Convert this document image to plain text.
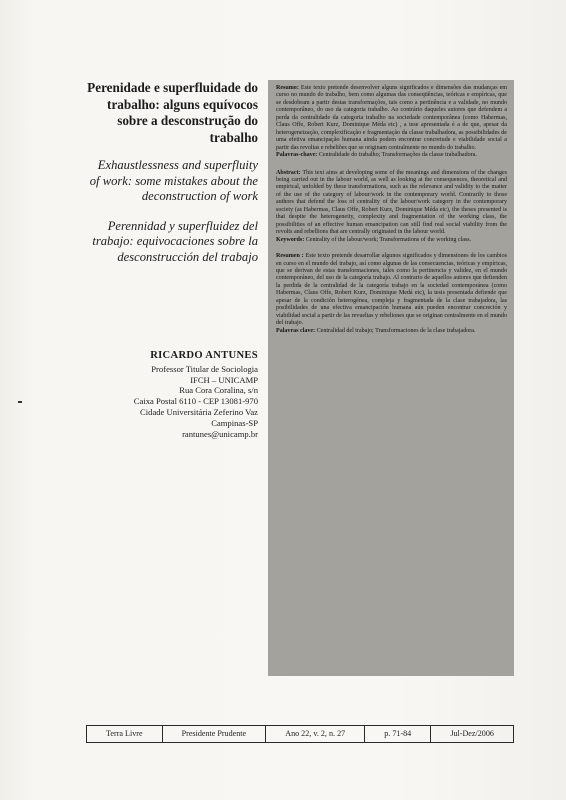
Perenidade e superfluidade do trabalho: alguns equívocos sobre a desconstrução do trabalho

Exhaustlessness and superfluity of work: some mistakes about the deconstruction of work

Perennidad y superfluidez del trabajo: equivocaciones sobre la desconstrucción del trabajo

RICARDO ANTUNES
Professor Titular de Sociologia
IFCH – UNICAMP
Rua Cora Coralina, s/n
Caixa Postal 6110 - CEP 13081-970
Cidade Universitária Zeferino Vaz
Campinas-SP
rantunes@unicamp.br

Resumo: Este texto pretende desenvolver alguns significados e dimensões das mudanças em curso no mundo do trabalho, bem como algumas das conseqüências, teóricas e empíricas, que se desdobram a partir destas transformações, tais como a pertinência e a validade, no mundo contemporâneo, do uso da categoria trabalho. Ao contrário daqueles autores que defendem a perda da centralidade da categoria trabalho na sociedade contemporânea (como Habermas, Claus Offe, Robert Kurz, Dominique Méda etc) , a tese apresentada é a de que, apesar da heterogeneização, complexificação e fragmentação da classe trabalhadora, as possibilidades de uma efetiva emancipação humana ainda podem encontrar concretude e viabilidade social a partir das revoltas e rebeliões que se originam centralmente no mundo do trabalho.

Palavras-chave: Centralidade do trabalho; Transformações da classe trabalhadora.

Abstract: This text aims at developing some of the meanings and dimensions of the changes being carried out in the labour world, as well as looking at the consequences, theoretical and empirical, unfolded by these transformations, such as the relevance and validity to the matter of the use of the category of labour/work in the contemporary world. Contrarily to those authors that defend the loss of centrality of the labour/work category in the contemporary society (as Habermas, Claus Offe, Robert Kurz, Dominique Méda etc), the theses presented is that despite the heterogeneity, complexity and fragmentation of the working class, the possibilities of an effective human emancipation can still find real social viability from the revolts and rebellions that are centrally originated in the labour world.

Keywords: Centrality of the labour/work; Transformations of the working class.

Resumen : Este texto pretende desarrollar algunos significados y dimensiones de los cambios en curso en el mundo del trabajo, así como algunas de las consecuencias, teóricas y empíricas, que se derivan de estas transformaciones, tales como la pertinencia y validez, en el mundo contemporáneo, del uso de la categoría trabajo. Al contrario de aquellos autores que defienden la perdida de la centralidad de la categoría trabajo en la sociedad contemporánea (como Habermas, Claus Offe, Robert Kurz, Dominique Medá etc), la tesis presentada defiende que apesar de la condición heterogénea, compleja y fragmentada de la clase trabajadora, las posibilidades de una efectiva emancipación humana aún pueden encontrar concreción y viabilidad social a partir de las revueltas y rebeliones que se originan centralmente en el mundo del trabajo.

Palavras clave: Centralidad del trabajo; Transformaciones de la clase trabajadora.

Terra Livre	Presidente Prudente	Ano 22, v. 2, n. 27	p. 71-84	Jul-Dez/2006
